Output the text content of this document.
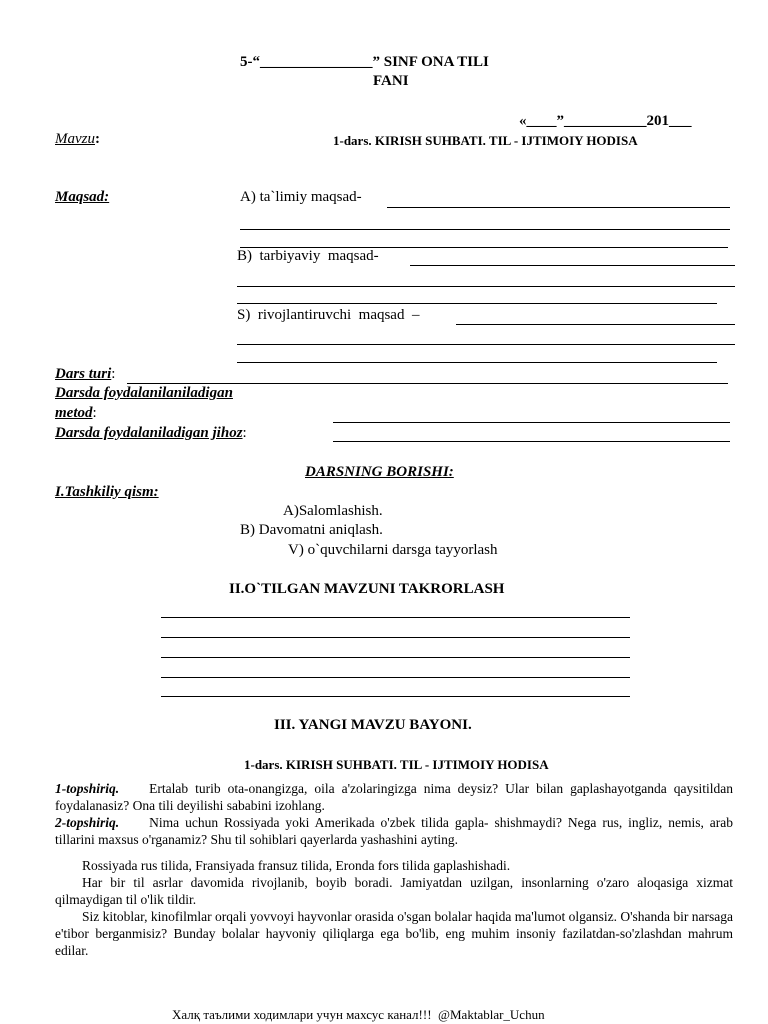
5-“_______________” SINF ONA TILI
FANI
«____”___________201___
Mavzu:	1-dars. KIRISH SUHBATI. TIL - IJTIMOIY HODISA
Maqsad:	A) ta`limiy maqsad-
B)  tarbiyaviy  maqsad-
S)  rivojlantiruvchi  maqsad  –
Dars turi:
Darsda foydalanilaniladigan
metod:
Darsda foydalaniladigan jihoz:
DARSNING BORISHI:
I.Tashkiliy qism:
A)Salomlashish.
B) Davomatni aniqlash.
V) o`quvchilarni darsga tayyorlash
II.O`TILGAN MAVZUNI TAKRORLASH
III. YANGI MAVZU BAYONI.
1-dars. KIRISH SUHBATI. TIL - IJTIMOIY HODISA
1-topshiriq. Ertalab turib ota-onangizga, oila a'zolaringizga nima deysiz? Ular bilan gaplashayotganda qaysitildan foydalanasiz? Ona tili deyilishi sababini izohlang.
2-topshiriq. Nima uchun Rossiyada yoki Amerikada o'zbek tilida gapla- shishmaydi? Nega rus, ingliz, nemis, arab tillarini maxsus o'rganamiz? Shu til sohiblari qayerlarda yashashini ayting.
Rossiyada rus tilida, Fransiyada fransuz tilida, Eronda fors tilida gaplashishadi.
Har bir til asrlar davomida rivojlanib, boyib boradi. Jamiyatdan uzilgan, insonlarning o'zaro aloqasiga xizmat qilmaydigan til o'lik tildir.
Siz kitoblar, kinofilmlar orqali yovvoyi hayvonlar orasida o'sgan bolalar haqida ma'lumot olgansiz. O'shanda bir narsaga e'tibor berganmisiz? Bunday bolalar hayvoniy qiliqlarga ega bo'lib, eng muhim insoniy fazilatdan-so'zlashdan mahrum edilar.
Халқ таълими ходимлари учун махсус канал!!!  @Maktablar_Uchun
